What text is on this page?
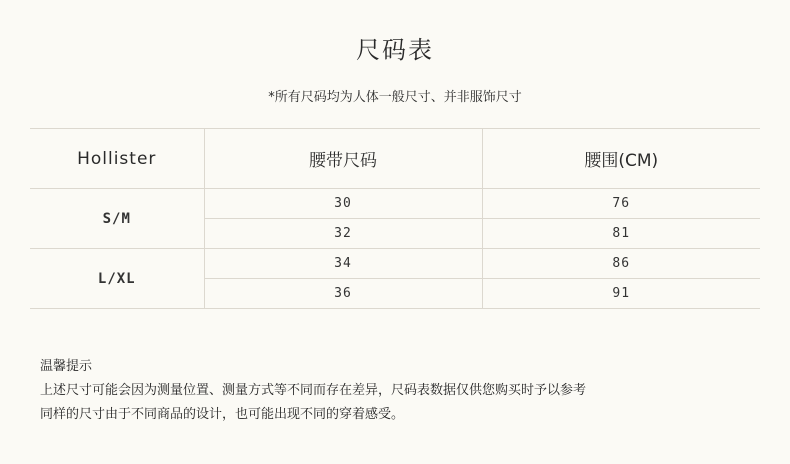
尺码表
*所有尺码均为人体一般尺寸、并非服饰尺寸
Hollister	腰带尺码	腰围(CM)
S/M	30	76
	32	81
L/XL	34	86
	36	91
温馨提示
上述尺寸可能会因为测量位置、测量方式等不同而存在差异，尺码表数据仅供您购买时予以参考
同样的尺寸由于不同商品的设计，也可能出现不同的穿着感受。
